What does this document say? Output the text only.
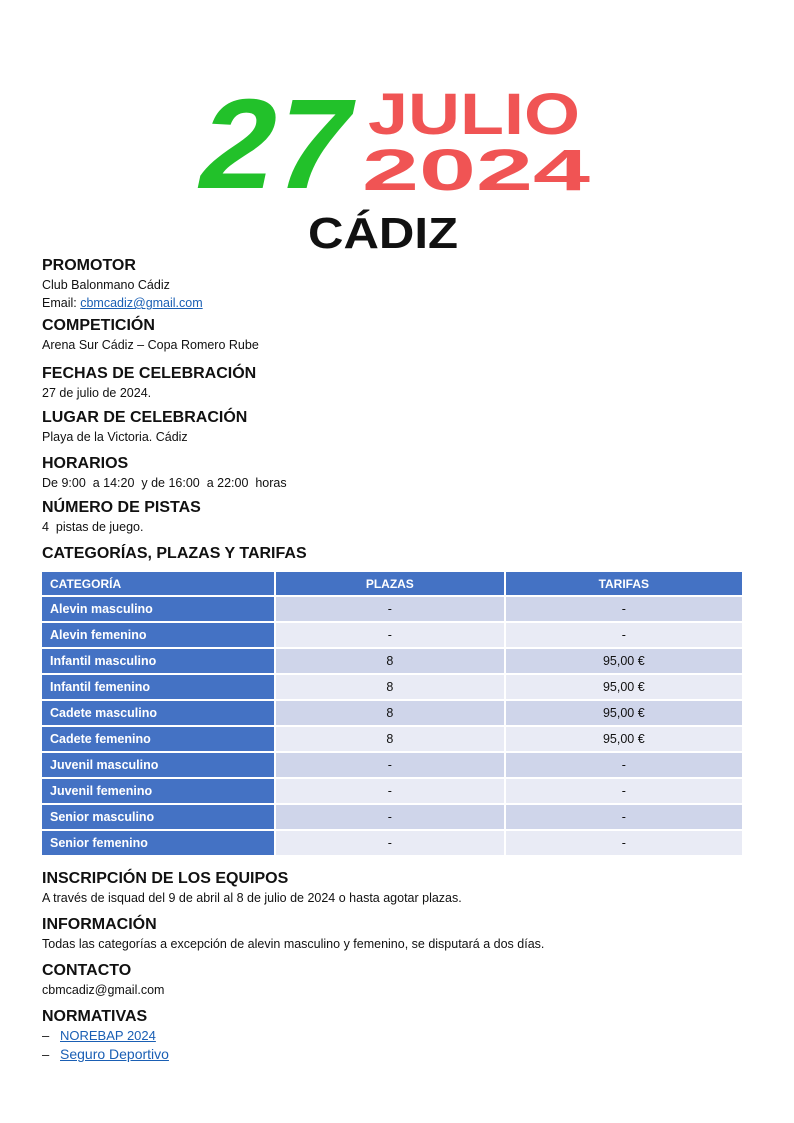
27 JULIO
2024
CÁDIZ

PROMOTOR

Club Balonmano Cádiz

Email: cbmcadiz@gmail.com

COMPETICIÓN

Arena Sur Cádiz – Copa Romero Rube

FECHAS DE CELEBRACIÓN

27 de julio de 2024.

LUGAR DE CELEBRACIÓN

Playa de la Victoria. Cádiz

HORARIOS

De 9:00  a 14:20  y de 16:00  a 22:00  horas

NÚMERO DE PISTAS

4  pistas de juego.

CATEGORÍAS, PLAZAS Y TARIFAS

CATEGORÍA	PLAZAS	TARIFAS
Alevin masculino	-	-
Alevin femenino	-	-
Infantil masculino	8	95,00 €
Infantil femenino	8	95,00 €
Cadete masculino	8	95,00 €
Cadete femenino	8	95,00 €
Juvenil masculino	-	-
Juvenil femenino	-	-
Senior masculino	-	-
Senior femenino	-	-

INSCRIPCIÓN DE LOS EQUIPOS

A través de isquad del 9 de abril al 8 de julio de 2024 o hasta agotar plazas.

INFORMACIÓN

Todas las categorías a excepción de alevin masculino y femenino, se disputará a dos días.

CONTACTO

cbmcadiz@gmail.com

NORMATIVAS

– NOREBAP 2024
– Seguro Deportivo
